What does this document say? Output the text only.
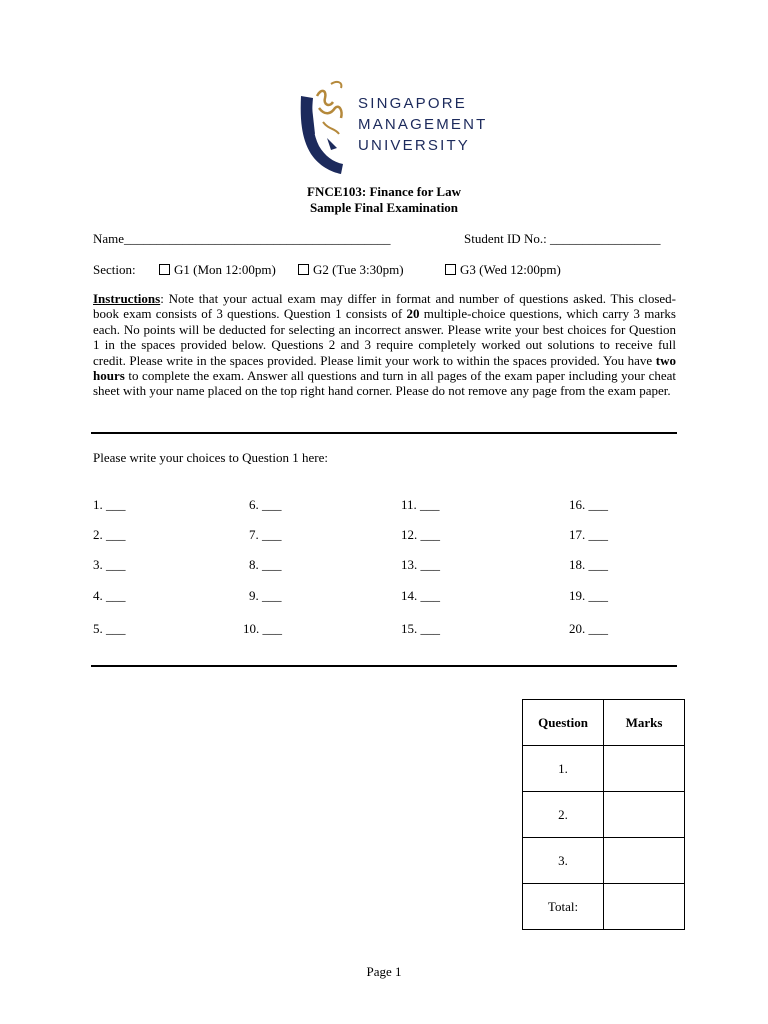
SINGAPORE
MANAGEMENT
UNIVERSITY
FNCE103: Finance for Law
Sample Final Examination
Name_________________________________________	Student ID No.: _________________
Section:	G1 (Mon 12:00pm)	G2 (Tue 3:30pm)	G3 (Wed 12:00pm)
Instructions: Note that your actual exam may differ in format and number of questions asked. This closed-book exam consists of 3 questions. Question 1 consists of 20 multiple-choice questions, which carry 3 marks each. No points will be deducted for selecting an incorrect answer. Please write your best choices for Question 1 in the spaces provided below. Questions 2 and 3 require completely worked out solutions to receive full credit. Please write in the spaces provided. Please limit your work to within the spaces provided. You have two hours to complete the exam. Answer all questions and turn in all pages of the exam paper including your cheat sheet with your name placed on the top right hand corner. Please do not remove any page from the exam paper.
Please write your choices to Question 1 here:
1. ___
2. ___
3. ___
4. ___
5. ___
6. ___
7. ___
8. ___
9. ___
10. ___
11. ___
12. ___
13. ___
14. ___
15. ___
16. ___
17. ___
18. ___
19. ___
20. ___
Question	Marks
1.	
2.	
3.	
Total:	
Page 1
